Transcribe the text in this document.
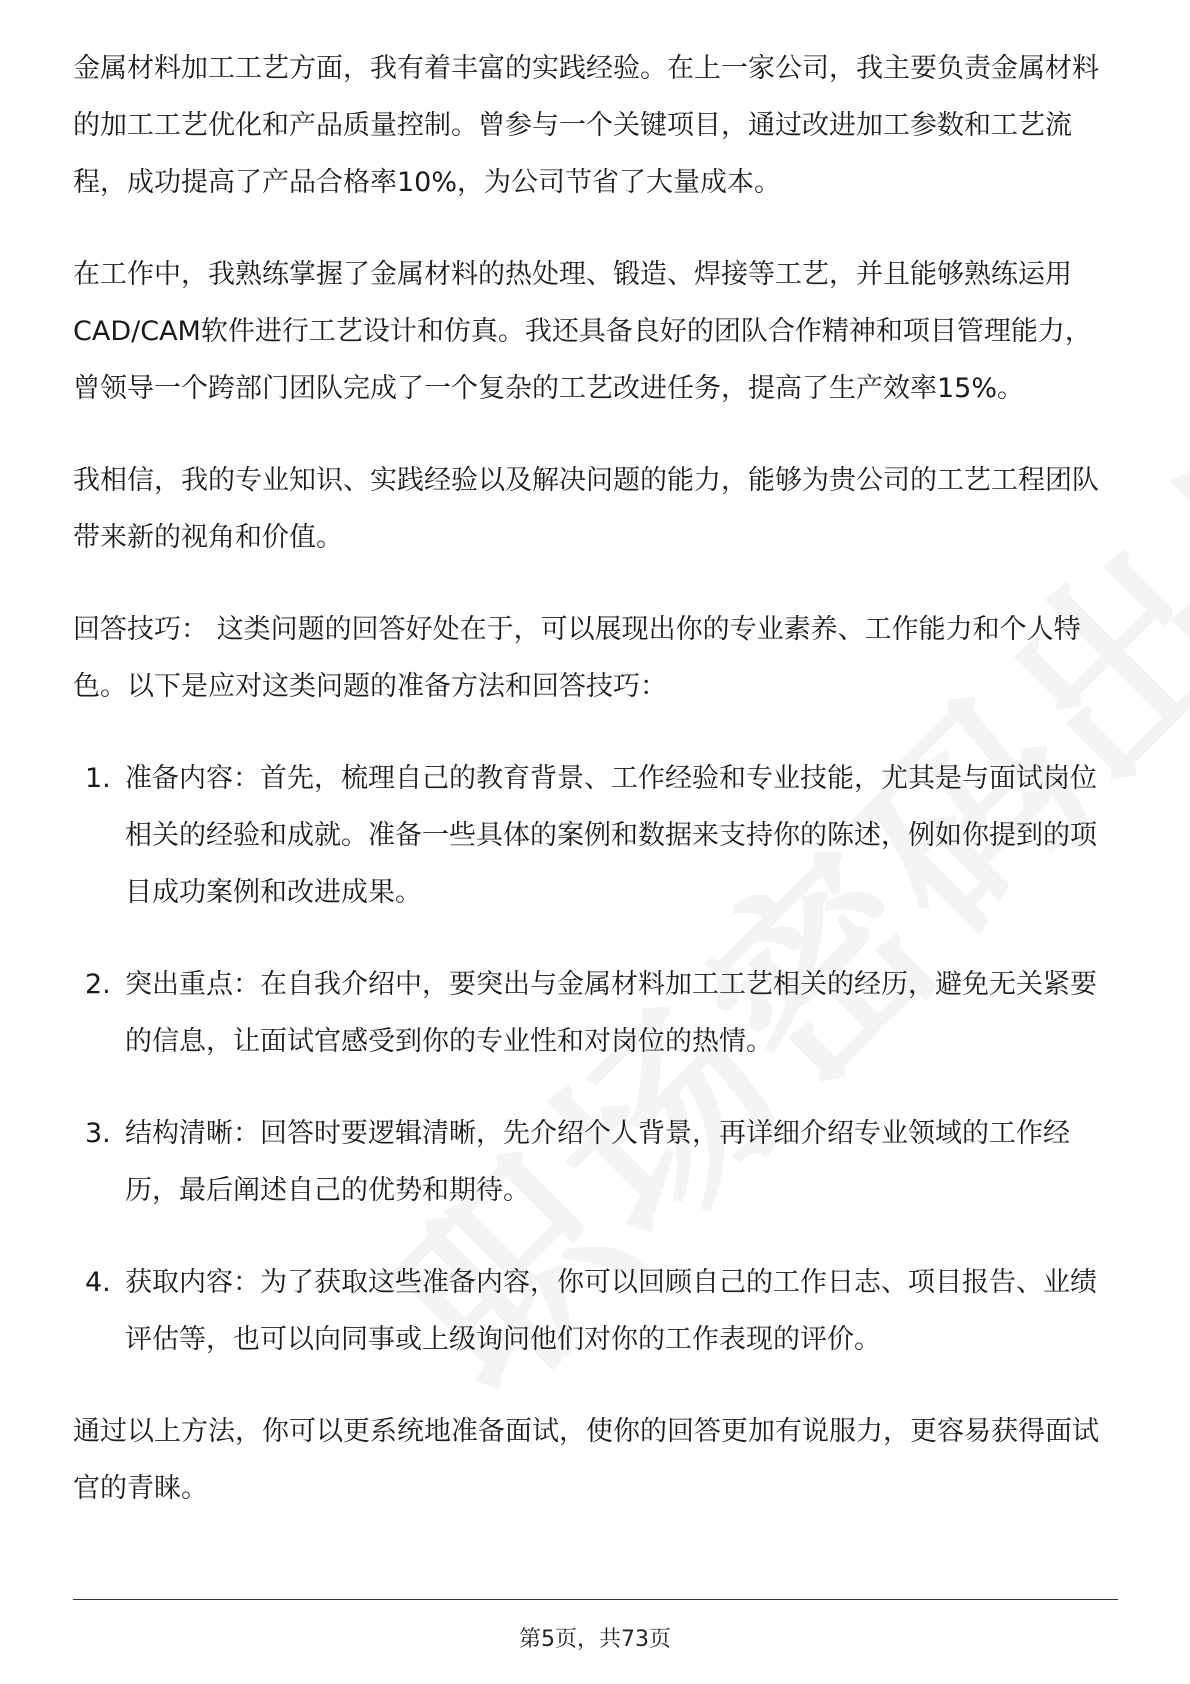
金属材料加工工艺方面，我有着丰富的实践经验。在上一家公司，我主要负责金属材料的加工工艺优化和产品质量控制。曾参与一个关键项目，通过改进加工参数和工艺流程，成功提高了产品合格率10%，为公司节省了大量成本。

在工作中，我熟练掌握了金属材料的热处理、锻造、焊接等工艺，并且能够熟练运用CAD/CAM软件进行工艺设计和仿真。我还具备良好的团队合作精神和项目管理能力，曾领导一个跨部门团队完成了一个复杂的工艺改进任务，提高了生产效率15%。

我相信，我的专业知识、实践经验以及解决问题的能力，能够为贵公司的工艺工程团队带来新的视角和价值。

回答技巧： 这类问题的回答好处在于，可以展现出你的专业素养、工作能力和个人特色。以下是应对这类问题的准备方法和回答技巧：

1. 准备内容：首先，梳理自己的教育背景、工作经验和专业技能，尤其是与面试岗位相关的经验和成就。准备一些具体的案例和数据来支持你的陈述，例如你提到的项目成功案例和改进成果。
2. 突出重点：在自我介绍中，要突出与金属材料加工工艺相关的经历，避免无关紧要的信息，让面试官感受到你的专业性和对岗位的热情。
3. 结构清晰：回答时要逻辑清晰，先介绍个人背景，再详细介绍专业领域的工作经历，最后阐述自己的优势和期待。
4. 获取内容：为了获取这些准备内容，你可以回顾自己的工作日志、项目报告、业绩评估等，也可以向同事或上级询问他们对你的工作表现的评价。

通过以上方法，你可以更系统地准备面试，使你的回答更加有说服力，更容易获得面试官的青睐。

第5页，共73页
